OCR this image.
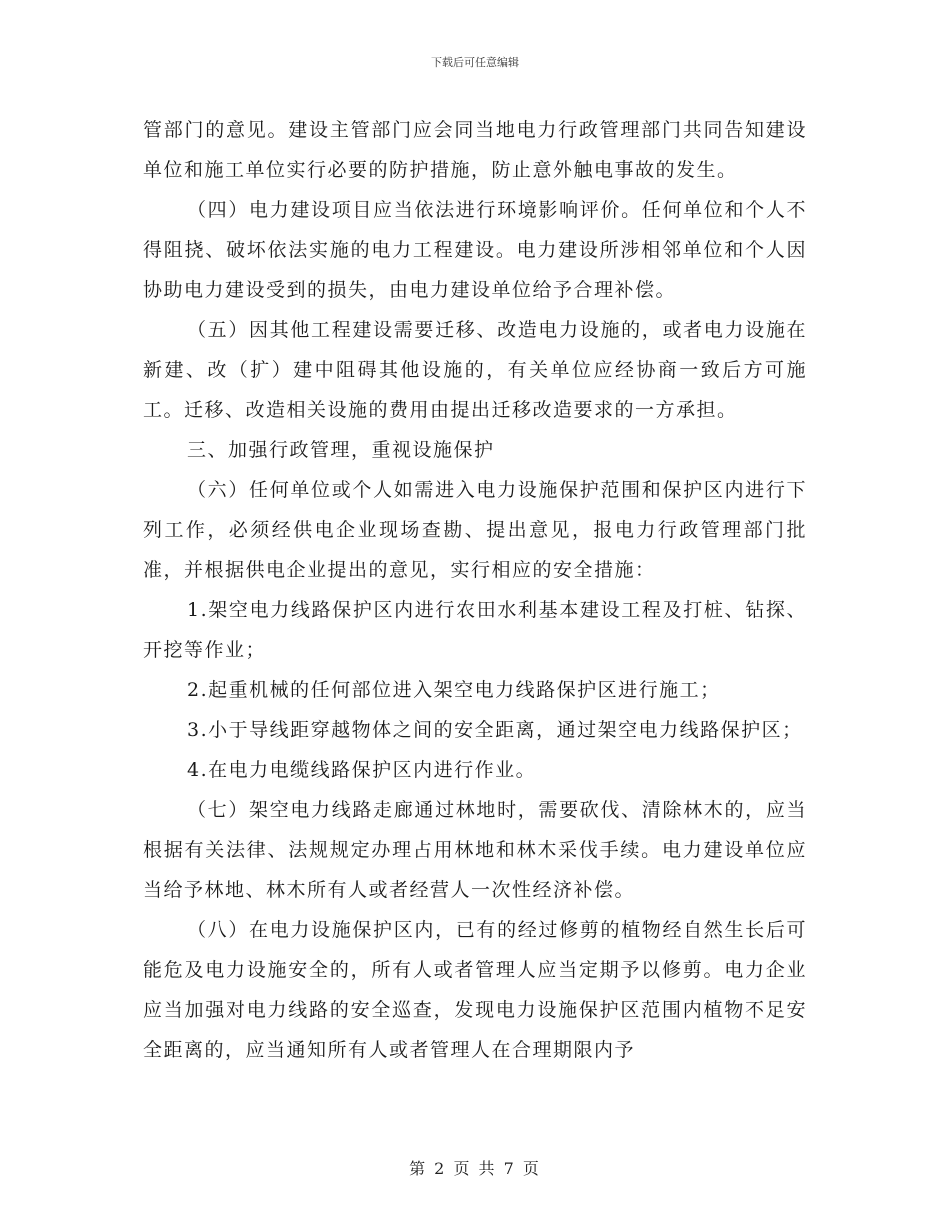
下载后可任意编辑

管部门的意见。建设主管部门应会同当地电力行政管理部门共同告知建设单位和施工单位实行必要的防护措施，防止意外触电事故的发生。

（四）电力建设项目应当依法进行环境影响评价。任何单位和个人不得阻挠、破坏依法实施的电力工程建设。电力建设所涉相邻单位和个人因协助电力建设受到的损失，由电力建设单位给予合理补偿。

（五）因其他工程建设需要迁移、改造电力设施的，或者电力设施在新建、改（扩）建中阻碍其他设施的，有关单位应经协商一致后方可施工。迁移、改造相关设施的费用由提出迁移改造要求的一方承担。

三、加强行政管理，重视设施保护

（六）任何单位或个人如需进入电力设施保护范围和保护区内进行下列工作，必须经供电企业现场查勘、提出意见，报电力行政管理部门批准，并根据供电企业提出的意见，实行相应的安全措施：

1.架空电力线路保护区内进行农田水利基本建设工程及打桩、钻探、开挖等作业；

2.起重机械的任何部位进入架空电力线路保护区进行施工；

3.小于导线距穿越物体之间的安全距离，通过架空电力线路保护区；

4.在电力电缆线路保护区内进行作业。

（七）架空电力线路走廊通过林地时，需要砍伐、清除林木的，应当根据有关法律、法规规定办理占用林地和林木采伐手续。电力建设单位应当给予林地、林木所有人或者经营人一次性经济补偿。

（八）在电力设施保护区内，已有的经过修剪的植物经自然生长后可能危及电力设施安全的，所有人或者管理人应当定期予以修剪。电力企业应当加强对电力线路的安全巡查，发现电力设施保护区范围内植物不足安全距离的，应当通知所有人或者管理人在合理期限内予

第 2 页 共 7 页
